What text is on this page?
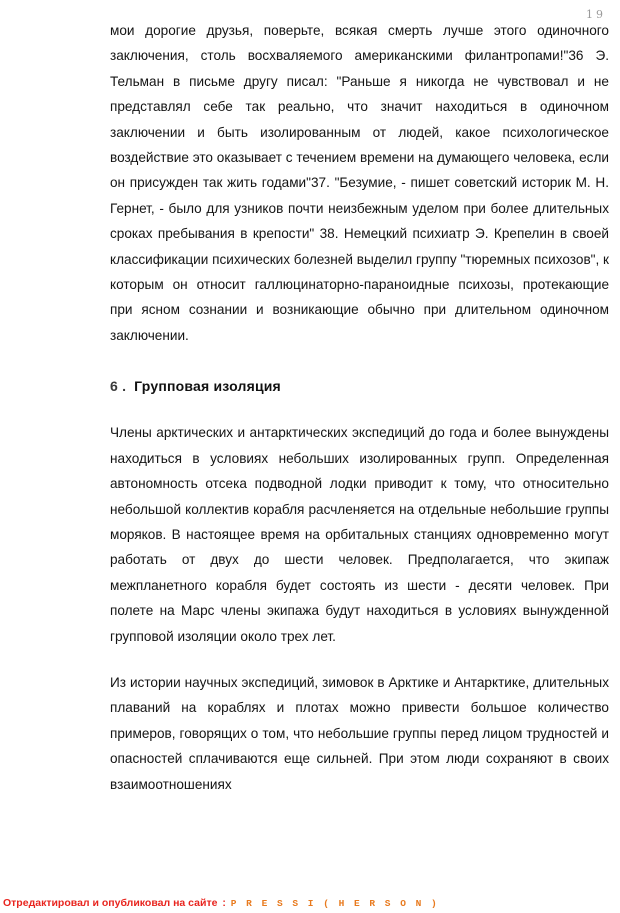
19

мои дорогие друзья, поверьте, всякая смерть лучше этого одиночного заключения, столь восхваляемого американскими филантропами!"36 Э. Тельман в письме другу писал: "Раньше я никогда не чувствовал и не представлял себе так реально, что значит находиться в одиночном заключении и быть изолированным от людей, какое психологическое воздействие это оказывает с течением времени на думающего человека, если он присужден так жить годами"37. "Безумие, - пишет советский историк М. Н. Гернет, - было для узников почти неизбежным уделом при более длительных сроках пребывания в крепости" 38. Немецкий психиатр Э. Крепелин в своей классификации психических болезней выделил группу "тюремных психозов", к которым он относит галлюцинаторно-параноидные психозы, протекающие при ясном сознании и возникающие обычно при длительном одиночном заключении.

6 . Групповая изоляция

Члены арктических и антарктических экспедиций до года и более вынуждены находиться в условиях небольших изолированных групп. Определенная автономность отсека подводной лодки приводит к тому, что относительно небольшой коллектив корабля расчленяется на отдельные небольшие группы моряков. В настоящее время на орбитальных станциях одновременно могут работать от двух до шести человек. Предполагается, что экипаж межпланетного корабля будет состоять из шести - десяти человек. При полете на Марс члены экипажа будут находиться в условиях вынужденной групповой изоляции около трех лет.

Из истории научных экспедиций, зимовок в Арктике и Антарктике, длительных плаваний на кораблях и плотах можно привести большое количество примеров, говорящих о том, что небольшие группы перед лицом трудностей и опасностей сплачиваются еще сильней. При этом люди сохраняют в своих взаимоотношениях

Отредактировал и опубликовал на сайте : P R E S S I ( H E R S O N )
